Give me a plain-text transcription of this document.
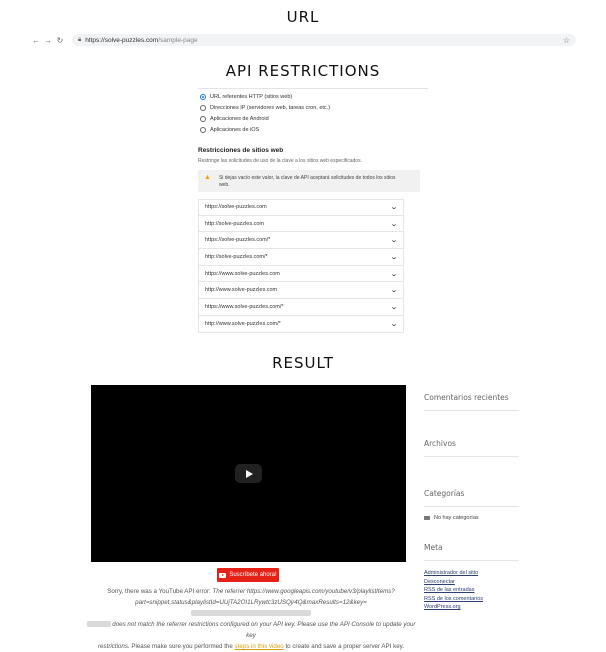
URL
← → ↻	🔒︎ https://solve-puzzles.com /sample-page	☆
API RESTRICTIONS
URL referentes HTTP (sitios web)
Direcciones IP (servidores web, tareas cron, etc.)
Aplicaciones de Android
Aplicaciones de iOS
Restricciones de sitios web
Restringe las solicitudes de uso de la clave a los sitios web especificados.
▲ Si dejas vacío este valor, la clave de API aceptará solicitudes de todos los sitios
web.
https://solve-puzzles.com	⌄
http://solve-puzzles.com	⌄
https://solve-puzzles.com/*	⌄
http://solve-puzzles.com/*	⌄
https://www.solve-puzzles.com	⌄
http://www.solve-puzzles.com	⌄
https://www.solve-puzzles.com/*	⌄
http://www.solve-puzzles.com/*	⌄
RESULT
Suscríbete ahora!
Sorry, there was a YouTube API error: The referrer https://www.googleapis.com/youtube/v3/playlistItems?
part=snippet,status&playlistId=UUjTA2OI1LRywtc3zUSQjr4Q&maxResults=12&key=
does not match the referrer restrictions configured on your API key. Please use the API Console to update your key
restrictions. Please make sure you performed the steps in this video to create and save a proper server API key.
Comentarios recientes
Archivos
Categorías
No hay categorías
Meta
Administrador del sitio
Desconectar
RSS de las entradas
RSS de los comentarios
WordPress.org
